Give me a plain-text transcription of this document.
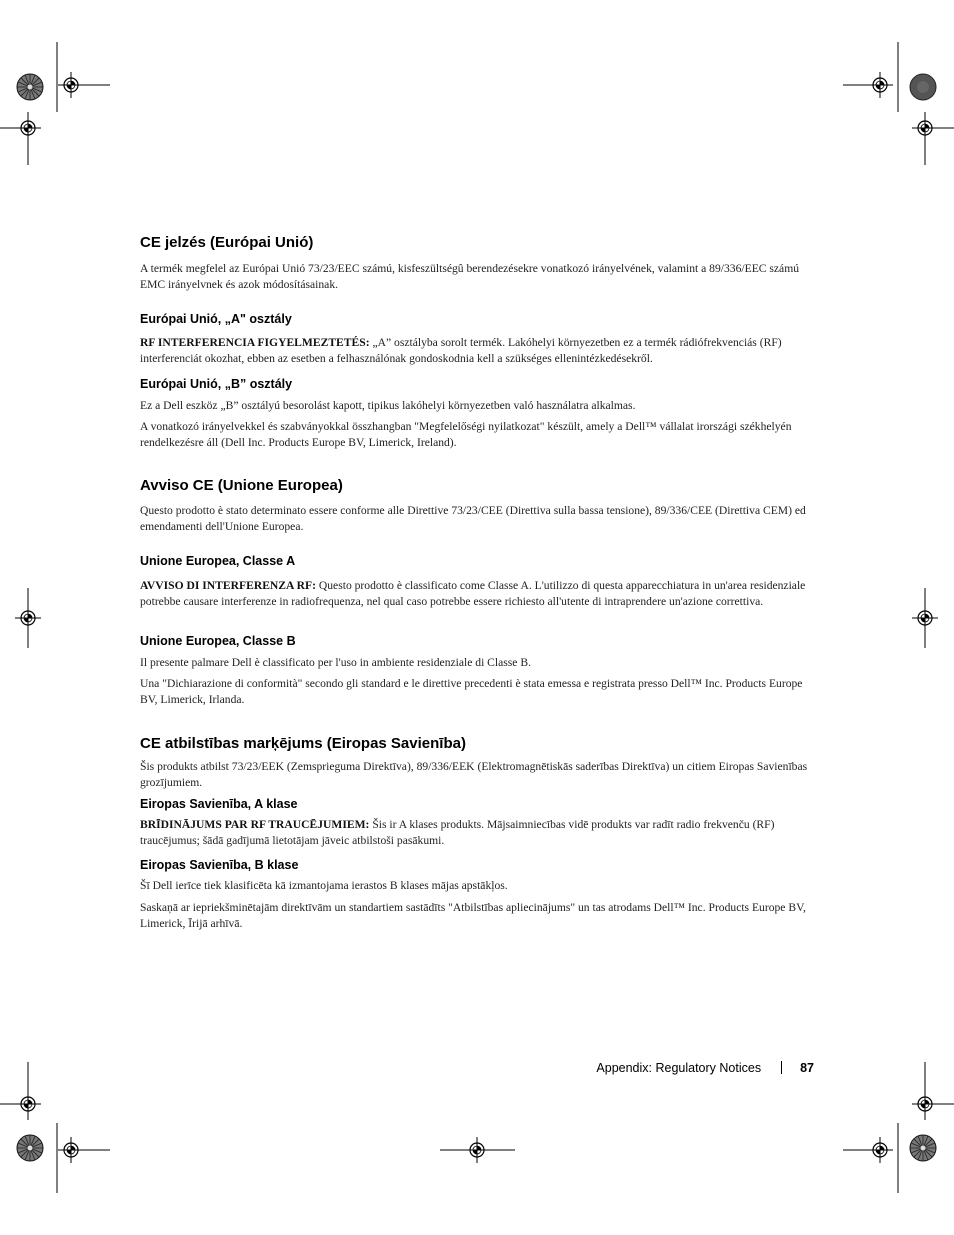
CE jelzés (Európai Unió)

A termék megfelel az Európai Unió 73/23/EEC számú, kisfeszültségû berendezésekre vonatkozó irányelvének, valamint a 89/336/EEC számú EMC irányelvnek és azok módosításainak.

Európai Unió, „A" osztály

RF INTERFERENCIA FIGYELMEZTETÉS: „A” osztályba sorolt termék. Lakóhelyi környezetben ez a termék rádiófrekvenciás (RF) interferenciát okozhat, ebben az esetben a felhasználónak gondoskodnia kell a szükséges ellenintézkedésekről.

Európai Unió, „B” osztály

Ez a Dell eszköz „B” osztályú besorolást kapott, tipikus lakóhelyi környezetben való használatra alkalmas.

A vonatkozó irányelvekkel és szabványokkal összhangban "Megfelelőségi nyilatkozat" készült, amely a Dell™ vállalat irországi székhelyén rendelkezésre áll (Dell Inc. Products Europe BV, Limerick, Ireland).

Avviso CE (Unione Europea)

Questo prodotto è stato determinato essere conforme alle Direttive 73/23/CEE (Direttiva sulla bassa tensione), 89/336/CEE (Direttiva CEM) ed emendamenti dell'Unione Europea.

Unione Europea, Classe A

AVVISO DI INTERFERENZA RF: Questo prodotto è classificato come Classe A. L'utilizzo di questa apparecchiatura in un'area residenziale potrebbe causare interferenze in radiofrequenza, nel qual caso potrebbe essere richiesto all'utente di intraprendere un'azione correttiva.

Unione Europea, Classe B

Il presente palmare Dell è classificato per l'uso in ambiente residenziale di Classe B.

Una "Dichiarazione di conformità" secondo gli standard e le direttive precedenti è stata emessa e registrata presso Dell™ Inc. Products Europe BV, Limerick, Irlanda.

CE atbilstības marķējums (Eiropas Savienība)

Šis produkts atbilst 73/23/EEK (Zemsprieguma Direktīva), 89/336/EEK (Elektromagnētiskās saderības Direktīva) un citiem Eiropas Savienības grozījumiem.

Eiropas Savienība, A klase

BRĪDINĀJUMS PAR RF TRAUCĒJUMIEM: Šis ir A klases produkts. Mājsaimniecības vidē produkts var radīt radio frekvenču (RF) traucējumus; šādā gadījumā lietotājam jāveic atbilstoši pasākumi.

Eiropas Savienība, B klase

Šī Dell ierīce tiek klasificēta kā izmantojama ierastos B klases mājas apstākļos.

Saskaņā ar iepriekšminētajām direktīvām un standartiem sastādīts "Atbilstības apliecinājums" un tas atrodams Dell™ Inc. Products Europe BV, Limerick, Īrijā arhīvā.

Appendix: Regulatory Notices	87
